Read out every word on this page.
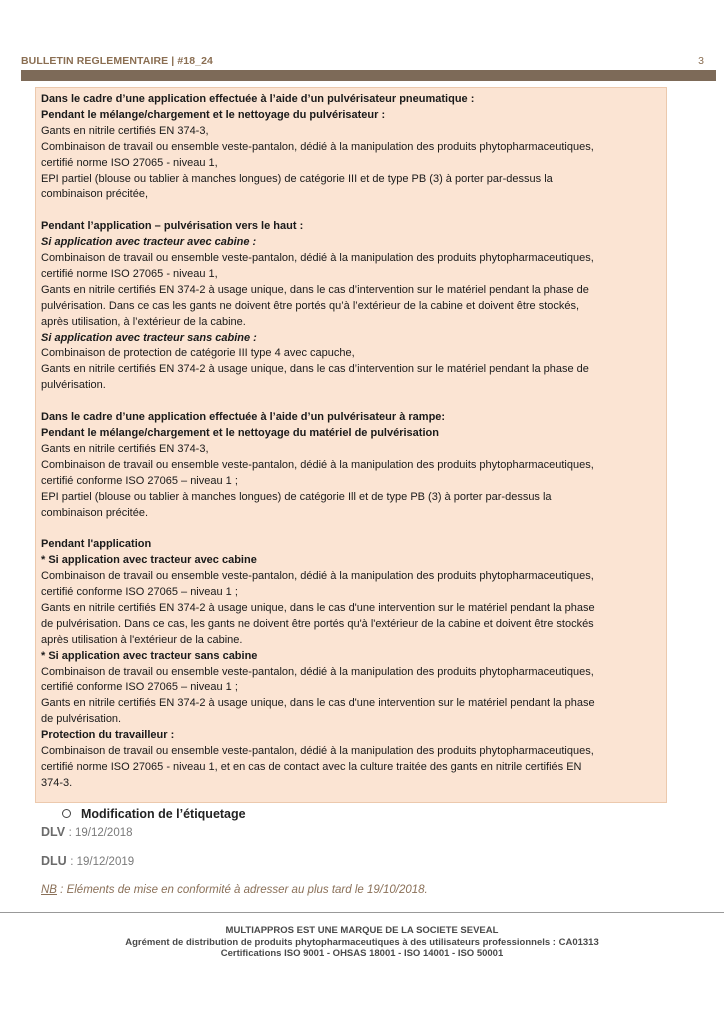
BULLETIN REGLEMENTAIRE | #18_24	3
Dans le cadre d’une application effectuée à l’aide d’un pulvérisateur pneumatique :
Pendant le mélange/chargement et le nettoyage du pulvérisateur :
Gants en nitrile certifiés EN 374-3,
Combinaison de travail ou ensemble veste-pantalon, dédié à la manipulation des produits phytopharmaceutiques,
certifié norme ISO 27065 - niveau 1,
EPI partiel (blouse ou tablier à manches longues) de catégorie III et de type PB (3) à porter par-dessus la
combinaison précitée,
Pendant l’application – pulvérisation vers le haut :
Si application avec tracteur avec cabine :
Combinaison de travail ou ensemble veste-pantalon, dédié à la manipulation des produits phytopharmaceutiques,
certifié norme ISO 27065 - niveau 1,
Gants en nitrile certifiés EN 374-2 à usage unique, dans le cas d’intervention sur le matériel pendant la phase de
pulvérisation. Dans ce cas les gants ne doivent être portés qu’à l’extérieur de la cabine et doivent être stockés,
après utilisation, à l’extérieur de la cabine.
Si application avec tracteur sans cabine :
Combinaison de protection de catégorie III type 4 avec capuche,
Gants en nitrile certifiés EN 374-2 à usage unique, dans le cas d’intervention sur le matériel pendant la phase de
pulvérisation.
Dans le cadre d’une application effectuée à l’aide d’un pulvérisateur à rampe:
Pendant le mélange/chargement et le nettoyage du matériel de pulvérisation
Gants en nitrile certifiés EN 374-3,
Combinaison de travail ou ensemble veste-pantalon, dédié à la manipulation des produits phytopharmaceutiques,
certifié conforme ISO 27065 – niveau 1 ;
EPI partiel (blouse ou tablier à manches longues) de catégorie Ill et de type PB (3) à porter par-dessus la
combinaison précitée.
Pendant l'application
* Si application avec tracteur avec cabine
Combinaison de travail ou ensemble veste-pantalon, dédié à la manipulation des produits phytopharmaceutiques,
certifié conforme ISO 27065 – niveau 1 ;
Gants en nitrile certifiés EN 374-2 à usage unique, dans le cas d'une intervention sur le matériel pendant la phase
de pulvérisation. Dans ce cas, les gants ne doivent être portés qu'à l'extérieur de la cabine et doivent être stockés
après utilisation à l'extérieur de la cabine.
* Si application avec tracteur sans cabine
Combinaison de travail ou ensemble veste-pantalon, dédié à la manipulation des produits phytopharmaceutiques,
certifié conforme ISO 27065 – niveau 1 ;
Gants en nitrile certifiés EN 374-2 à usage unique, dans le cas d'une intervention sur le matériel pendant la phase
de pulvérisation.
Protection du travailleur :
Combinaison de travail ou ensemble veste-pantalon, dédié à la manipulation des produits phytopharmaceutiques,
certifié norme ISO 27065 - niveau 1, et en cas de contact avec la culture traitée des gants en nitrile certifiés EN
374-3.
Modification de l’étiquetage
DLV : 19/12/2018
DLU : 19/12/2019
NB : Eléments de mise en conformité à adresser au plus tard le 19/10/2018.
MULTIAPPROS EST UNE MARQUE DE LA SOCIETE SEVEAL
Agrément de distribution de produits phytopharmaceutiques à des utilisateurs professionnels : CA01313
Certifications ISO 9001 - OHSAS 18001 - ISO 14001 - ISO 50001
